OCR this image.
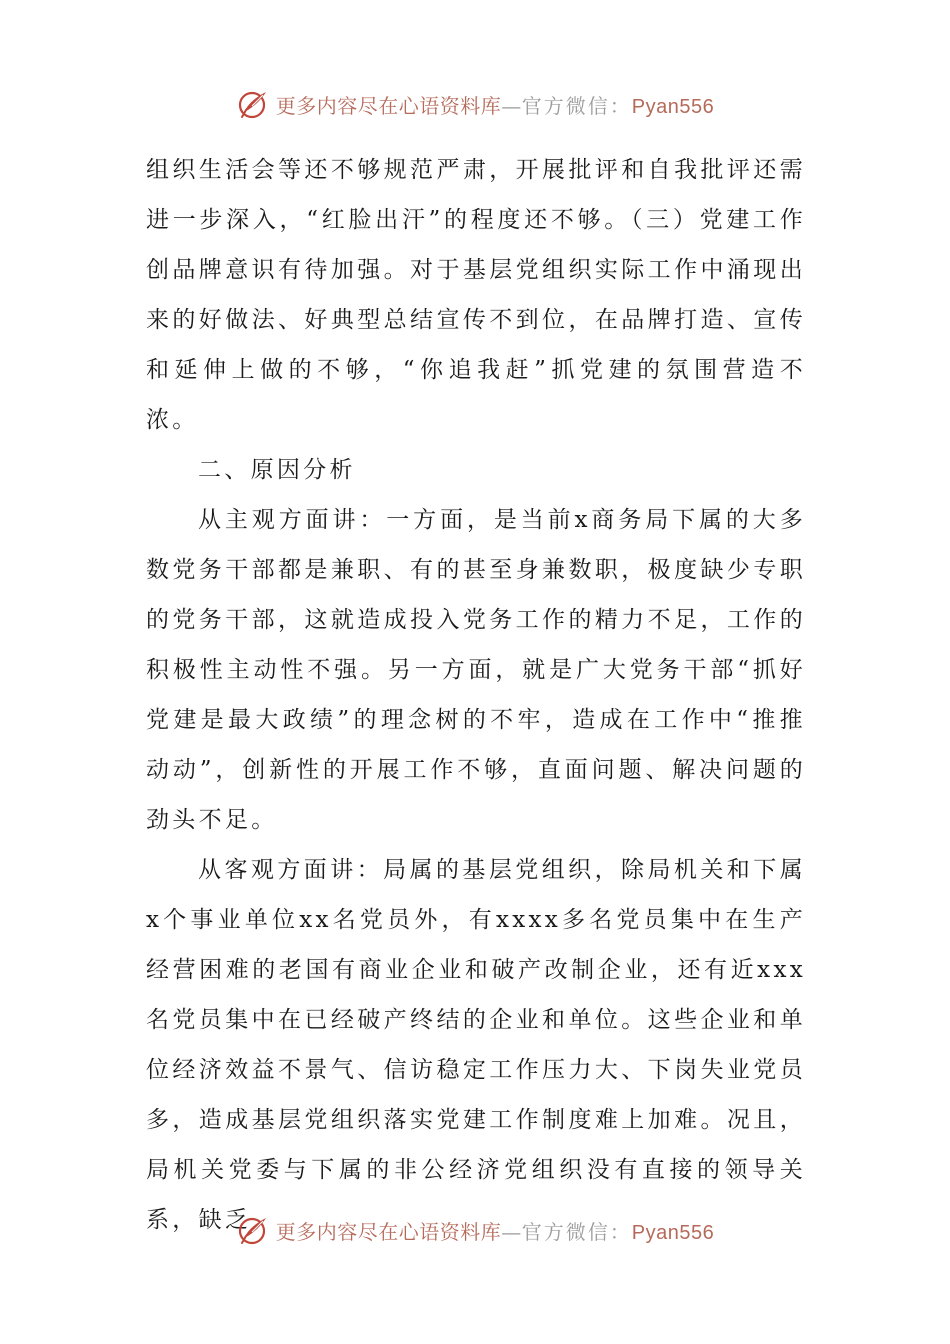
更多内容尽在心语资料库—官方微信：Pyan556

组织生活会等还不够规范严肃，开展批评和自我批评还需进一步深入，“红脸出汗”的程度还不够。（三）党建工作创品牌意识有待加强。对于基层党组织实际工作中涌现出来的好做法、好典型总结宣传不到位，在品牌打造、宣传和延伸上做的不够，“你追我赶”抓党建的氛围营造不浓。

二、原因分析

从主观方面讲：一方面，是当前x商务局下属的大多数党务干部都是兼职、有的甚至身兼数职，极度缺少专职的党务干部，这就造成投入党务工作的精力不足，工作的积极性主动性不强。另一方面，就是广大党务干部“抓好党建是最大政绩”的理念树的不牢，造成在工作中“推推动动”，创新性的开展工作不够，直面问题、解决问题的劲头不足。

从客观方面讲：局属的基层党组织，除局机关和下属x个事业单位xx名党员外，有xxxx多名党员集中在生产经营困难的老国有商业企业和破产改制企业，还有近xxx名党员集中在已经破产终结的企业和单位。这些企业和单位经济效益不景气、信访稳定工作压力大、下岗失业党员多，造成基层党组织落实党建工作制度难上加难。况且，局机关党委与下属的非公经济党组织没有直接的领导关系，缺乏	更多内容尽在心语资料库—官方微信：Pyan556
